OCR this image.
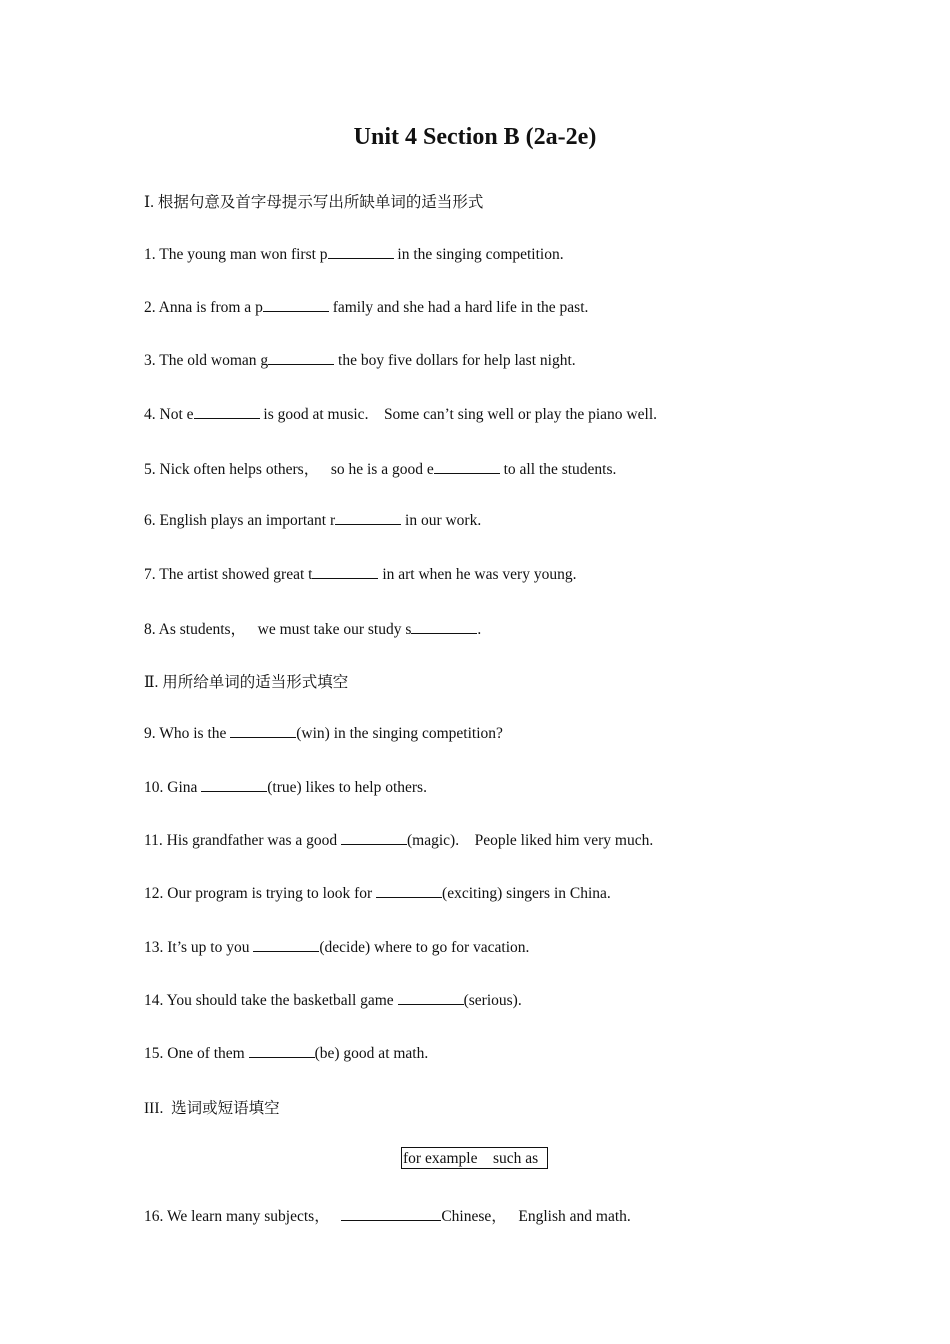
Unit 4 Section B (2a-2e)
Ⅰ. 根据句意及首字母提示写出所缺单词的适当形式
1. The young man won first p	in the singing competition.
2. Anna is from a p	family and she had a hard life in the past.
3. The old woman g	the boy five dollars for help last night.
4. Not e	is good at music.    Some can’t sing well or play the piano well.
5. Nick often helps others，   so he is a good e	to all the students.
6. English plays an important r	in our work.
7. The artist showed great t	in art when he was very young.
8. As students，   we must take our study s	.
Ⅱ. 用所给单词的适当形式填空
9. Who is the	(win) in the singing competition?
10. Gina	(true) likes to help others.
11. His grandfather was a good	(magic).    People liked him very much.
12. Our program is trying to look for	(exciting) singers in China.
13. It’s up to you	(decide) where to go for vacation.
14. You should take the basketball game	(serious).
15. One of them	(be) good at math.
III.  选词或短语填空
for example    such as
16. We learn many subjects，	Chinese，   English and math.
